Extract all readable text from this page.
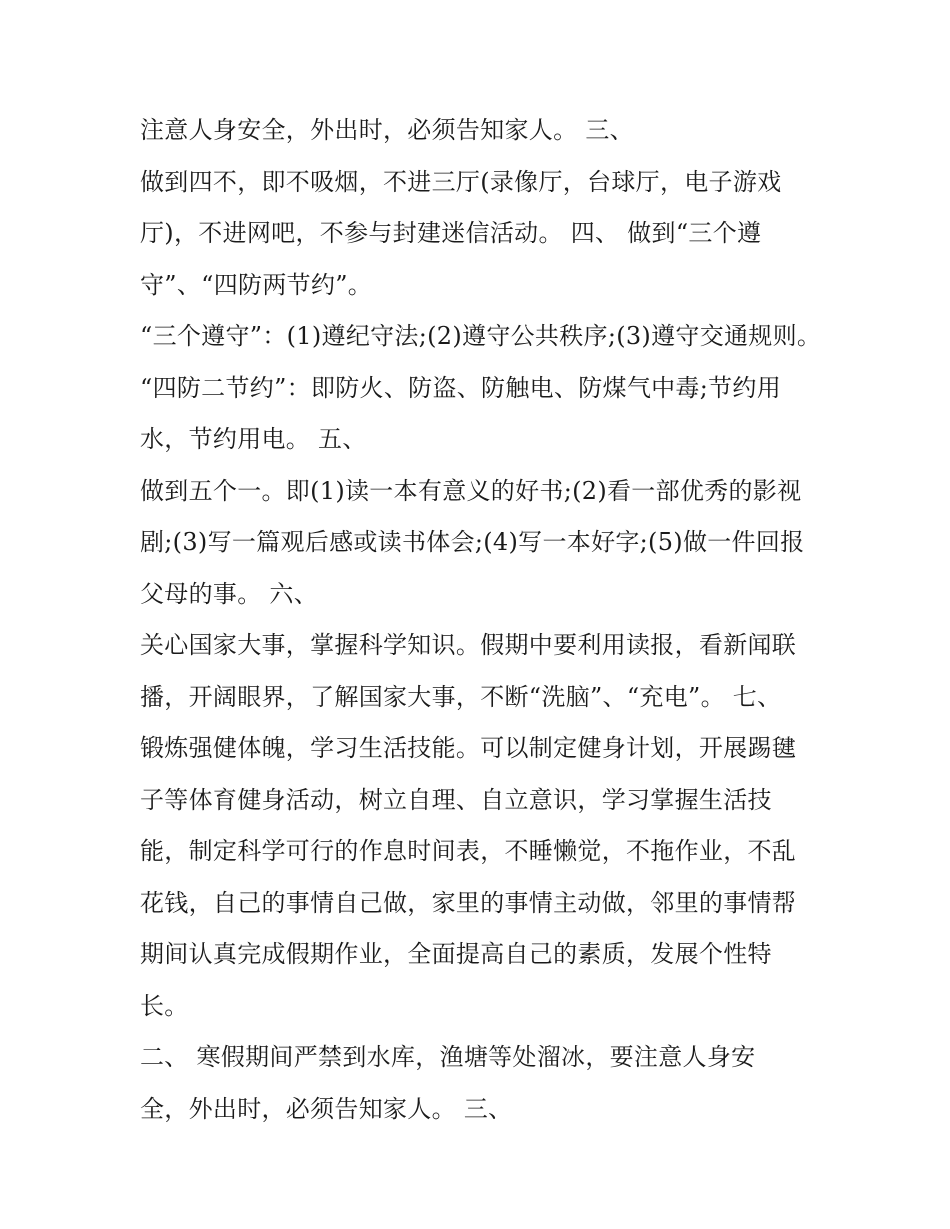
注意人身安全，外出时，必须告知家人。 三、
做到四不，即不吸烟，不进三厅(录像厅，台球厅，电子游戏
厅)，不进网吧，不参与封建迷信活动。 四、 做到“三个遵
守”、“四防两节约”。
“三个遵守”：(1)遵纪守法;(2)遵守公共秩序;(3)遵守交通规则。
“四防二节约”：即防火、防盗、防触电、防煤气中毒;节约用
水，节约用电。 五、
做到五个一。即(1)读一本有意义的好书;(2)看一部优秀的影视
剧;(3)写一篇观后感或读书体会;(4)写一本好字;(5)做一件回报
父母的事。 六、
关心国家大事，掌握科学知识。假期中要利用读报，看新闻联
播，开阔眼界，了解国家大事，不断“洗脑”、“充电”。 七、
锻炼强健体魄，学习生活技能。可以制定健身计划，开展踢毽
子等体育健身活动，树立自理、自立意识，学习掌握生活技
能，制定科学可行的作息时间表，不睡懒觉，不拖作业，不乱
花钱，自己的事情自己做，家里的事情主动做，邻里的事情帮
期间认真完成假期作业，全面提高自己的素质，发展个性特
长。
二、 寒假期间严禁到水库，渔塘等处溜冰，要注意人身安
全，外出时，必须告知家人。 三、
